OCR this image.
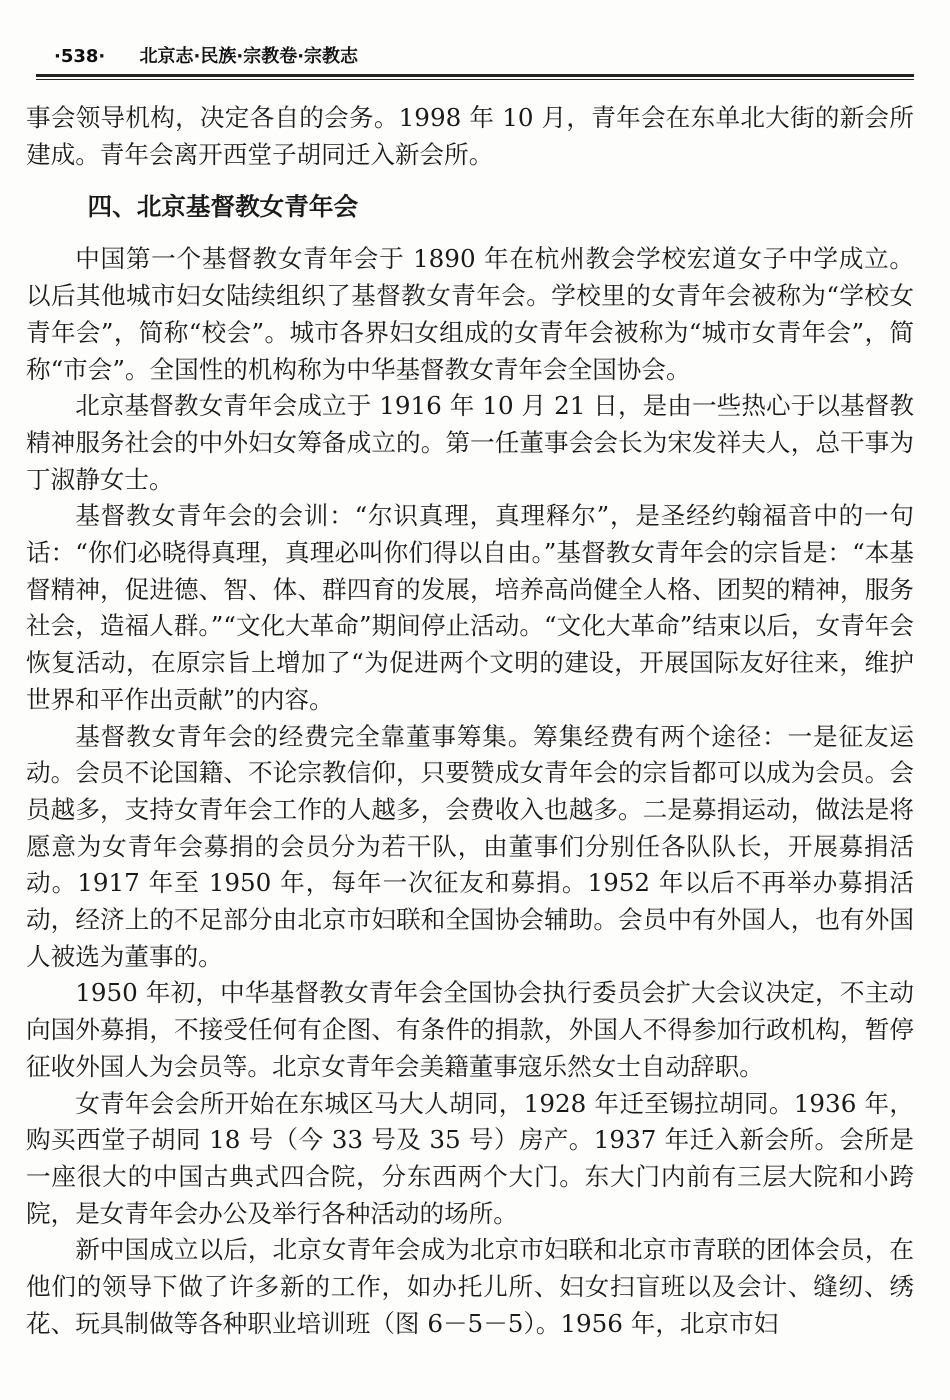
·538· 北京志·民族·宗教卷·宗教志

事会领导机构，决定各自的会务。1998 年 10 月，青年会在东单北大街的新会所建成。青年会离开西堂子胡同迁入新会所。

四、北京基督教女青年会

中国第一个基督教女青年会于 1890 年在杭州教会学校宏道女子中学成立。以后其他城市妇女陆续组织了基督教女青年会。学校里的女青年会被称为“学校女青年会”，简称“校会”。城市各界妇女组成的女青年会被称为“城市女青年会”，简称“市会”。全国性的机构称为中华基督教女青年会全国协会。

北京基督教女青年会成立于 1916 年 10 月 21 日，是由一些热心于以基督教精神服务社会的中外妇女筹备成立的。第一任董事会会长为宋发祥夫人，总干事为丁淑静女士。

基督教女青年会的会训：“尔识真理，真理释尔”，是圣经约翰福音中的一句话：“你们必晓得真理，真理必叫你们得以自由。”基督教女青年会的宗旨是：“本基督精神，促进德、智、体、群四育的发展，培养高尚健全人格、团契的精神，服务社会，造福人群。”“文化大革命”期间停止活动。“文化大革命”结束以后，女青年会恢复活动，在原宗旨上增加了“为促进两个文明的建设，开展国际友好往来，维护世界和平作出贡献”的内容。

基督教女青年会的经费完全靠董事筹集。筹集经费有两个途径：一是征友运动。会员不论国籍、不论宗教信仰，只要赞成女青年会的宗旨都可以成为会员。会员越多，支持女青年会工作的人越多，会费收入也越多。二是募捐运动，做法是将愿意为女青年会募捐的会员分为若干队，由董事们分别任各队队长，开展募捐活动。1917 年至 1950 年，每年一次征友和募捐。1952 年以后不再举办募捐活动，经济上的不足部分由北京市妇联和全国协会辅助。会员中有外国人，也有外国人被选为董事的。

1950 年初，中华基督教女青年会全国协会执行委员会扩大会议决定，不主动向国外募捐，不接受任何有企图、有条件的捐款，外国人不得参加行政机构，暂停征收外国人为会员等。北京女青年会美籍董事寇乐然女士自动辞职。

女青年会会所开始在东城区马大人胡同，1928 年迁至锡拉胡同。1936 年，购买西堂子胡同 18 号（今 33 号及 35 号）房产。1937 年迁入新会所。会所是一座很大的中国古典式四合院，分东西两个大门。东大门内前有三层大院和小跨院，是女青年会办公及举行各种活动的场所。

新中国成立以后，北京女青年会成为北京市妇联和北京市青联的团体会员，在他们的领导下做了许多新的工作，如办托儿所、妇女扫盲班以及会计、缝纫、绣花、玩具制做等各种职业培训班（图 6－5－5）。1956 年，北京市妇
